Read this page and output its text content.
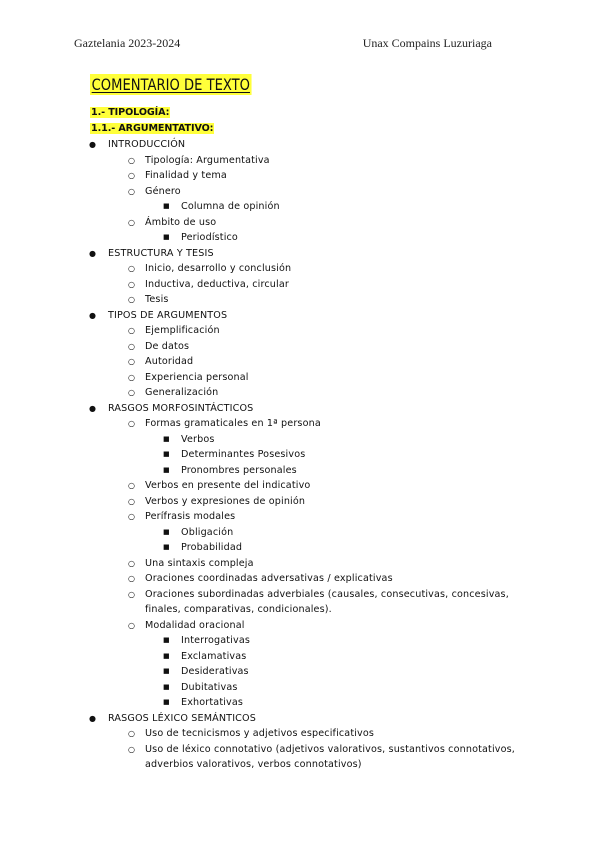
Gaztelania 2023-2024	Unax Compains Luzuriaga
COMENTARIO DE TEXTO
1.- TIPOLOGÍA:
1.1.- ARGUMENTATIVO:
● INTRODUCCIÓN
○ Tipología: Argumentativa
○ Finalidad y tema
○ Género
■ Columna de opinión
○ Ámbito de uso
■ Periodístico
● ESTRUCTURA Y TESIS
○ Inicio, desarrollo y conclusión
○ Inductiva, deductiva, circular
○ Tesis
● TIPOS DE ARGUMENTOS
○ Ejemplificación
○ De datos
○ Autoridad
○ Experiencia personal
○ Generalización
● RASGOS MORFOSINTÁCTICOS
○ Formas gramaticales en 1ª persona
■ Verbos
■ Determinantes Posesivos
■ Pronombres personales
○ Verbos en presente del indicativo
○ Verbos y expresiones de opinión
○ Perífrasis modales
■ Obligación
■ Probabilidad
○ Una sintaxis compleja
○ Oraciones coordinadas adversativas / explicativas
○ Oraciones subordinadas adverbiales (causales, consecutivas, concesivas, finales, comparativas, condicionales).
○ Modalidad oracional
■ Interrogativas
■ Exclamativas
■ Desiderativas
■ Dubitativas
■ Exhortativas
● RASGOS LÉXICO SEMÁNTICOS
○ Uso de tecnicismos y adjetivos especificativos
○ Uso de léxico connotativo (adjetivos valorativos, sustantivos connotativos, adverbios valorativos, verbos connotativos)
